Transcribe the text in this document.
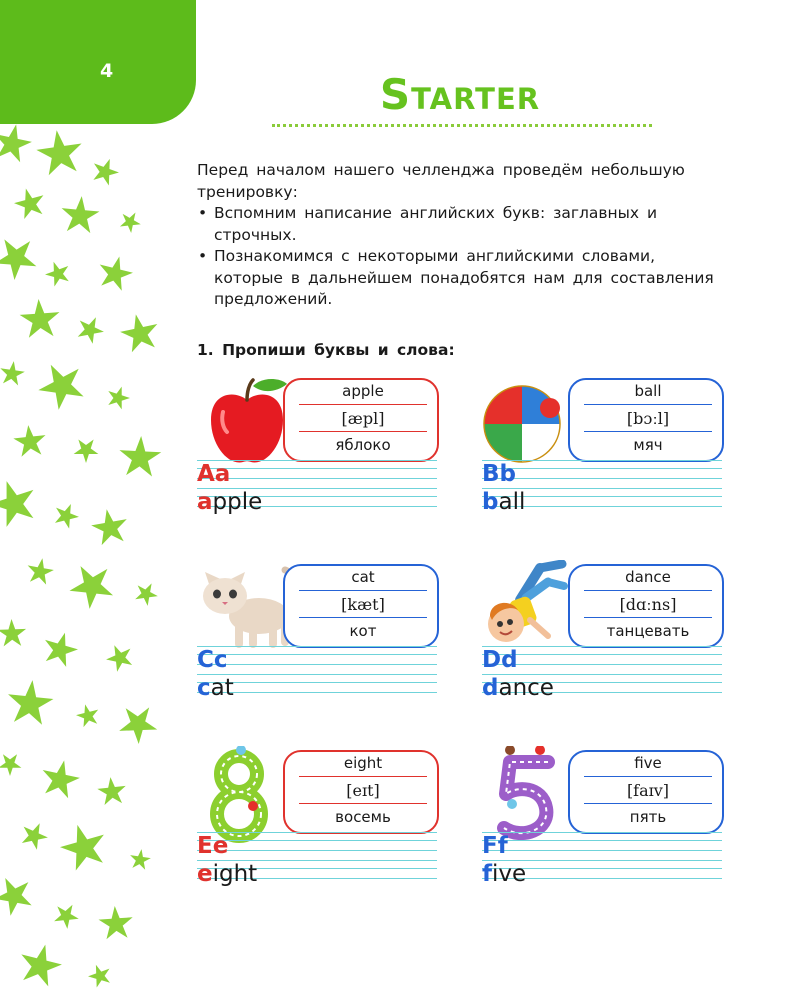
4	Starter

Перед началом нашего челленджа проведём небольшую тренировку:

• Вспомним написание английских букв: заглавных и строчных.
• Познакомимся с некоторыми английскими словами, которые в дальнейшем понадобятся нам для составления предложений.
1. Пропиши буквы и слова:
apple
[æpl]
яблоко
Aa
apple
ball
[bɔːl]
мяч
Bb
ball
cat
[kæt]
кот
Cc
cat
dance
[dɑːns]
танцевать
Dd
dance
eight
[eɪt]
восемь
Ee
eight
five
[faɪv]
пять
Ff
five
